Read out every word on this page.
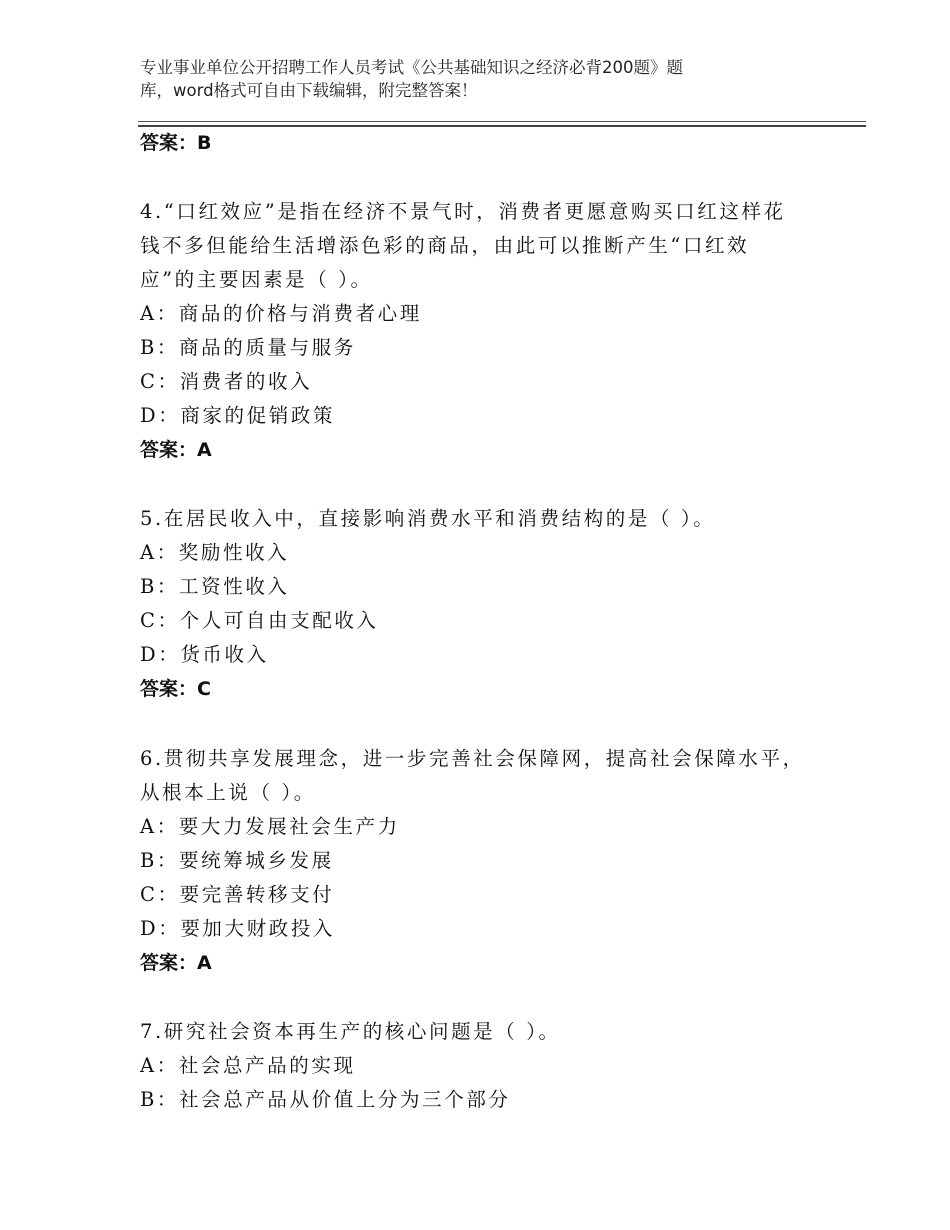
专业事业单位公开招聘工作人员考试《公共基础知识之经济必背200题》题
库，word格式可自由下载编辑，附完整答案！
答案：B

4.“口红效应”是指在经济不景气时，消费者更愿意购买口红这样花

钱不多但能给生活增添色彩的商品，由此可以推断产生“口红效

应”的主要因素是（ ）。

A：商品的价格与消费者心理

B：商品的质量与服务

C：消费者的收入

D：商家的促销政策

答案：A

5.在居民收入中，直接影响消费水平和消费结构的是（ ）。

A：奖励性收入

B：工资性收入

C：个人可自由支配收入

D：货币收入

答案：C

6.贯彻共享发展理念，进一步完善社会保障网，提高社会保障水平，

从根本上说（ ）。

A：要大力发展社会生产力

B：要统筹城乡发展

C：要完善转移支付

D：要加大财政投入

答案：A

7.研究社会资本再生产的核心问题是（ ）。

A：社会总产品的实现

B：社会总产品从价值上分为三个部分
